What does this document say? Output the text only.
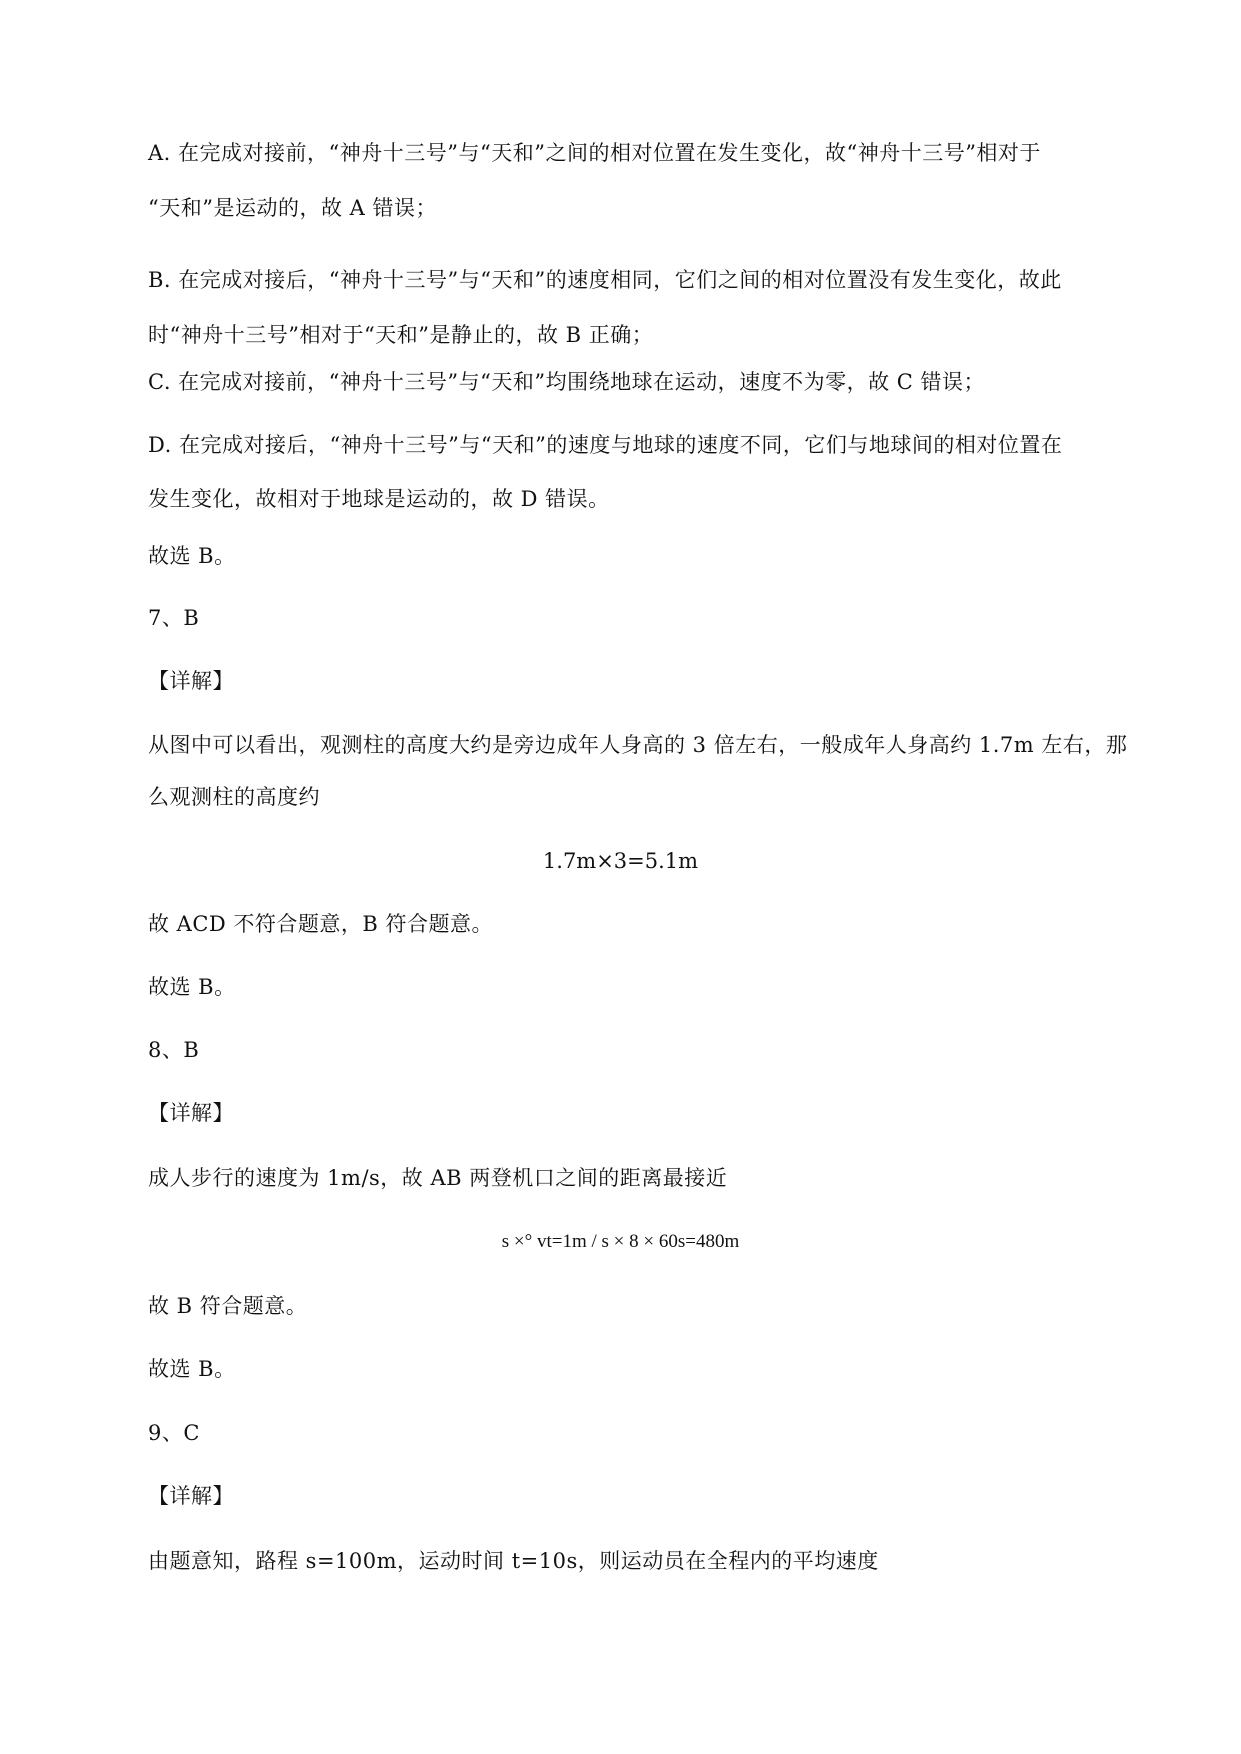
A. 在完成对接前，“神舟十三号”与“天和”之间的相对位置在发生变化，故“神舟十三号”相对于
“天和”是运动的，故 A 错误；
B. 在完成对接后，“神舟十三号”与“天和”的速度相同，它们之间的相对位置没有发生变化，故此
时“神舟十三号”相对于“天和”是静止的，故 B 正确；
C. 在完成对接前，“神舟十三号”与“天和”均围绕地球在运动，速度不为零，故 C 错误；
D. 在完成对接后，“神舟十三号”与“天和”的速度与地球的速度不同，它们与地球间的相对位置在
发生变化，故相对于地球是运动的，故 D 错误。
故选 B。
7、B
【详解】
从图中可以看出，观测柱的高度大约是旁边成年人身高的 3 倍左右，一般成年人身高约 1.7m 左右，那
么观测柱的高度约
1.7m×3=5.1m
故 ACD 不符合题意，B 符合题意。
故选 B。
8、B
【详解】
成人步行的速度为 1m/s，故 AB 两登机口之间的距离最接近
s ×° vt=1m / s × 8 × 60s=480m
故 B 符合题意。
故选 B。
9、C
【详解】
由题意知，路程 s=100m，运动时间 t=10s，则运动员在全程内的平均速度
